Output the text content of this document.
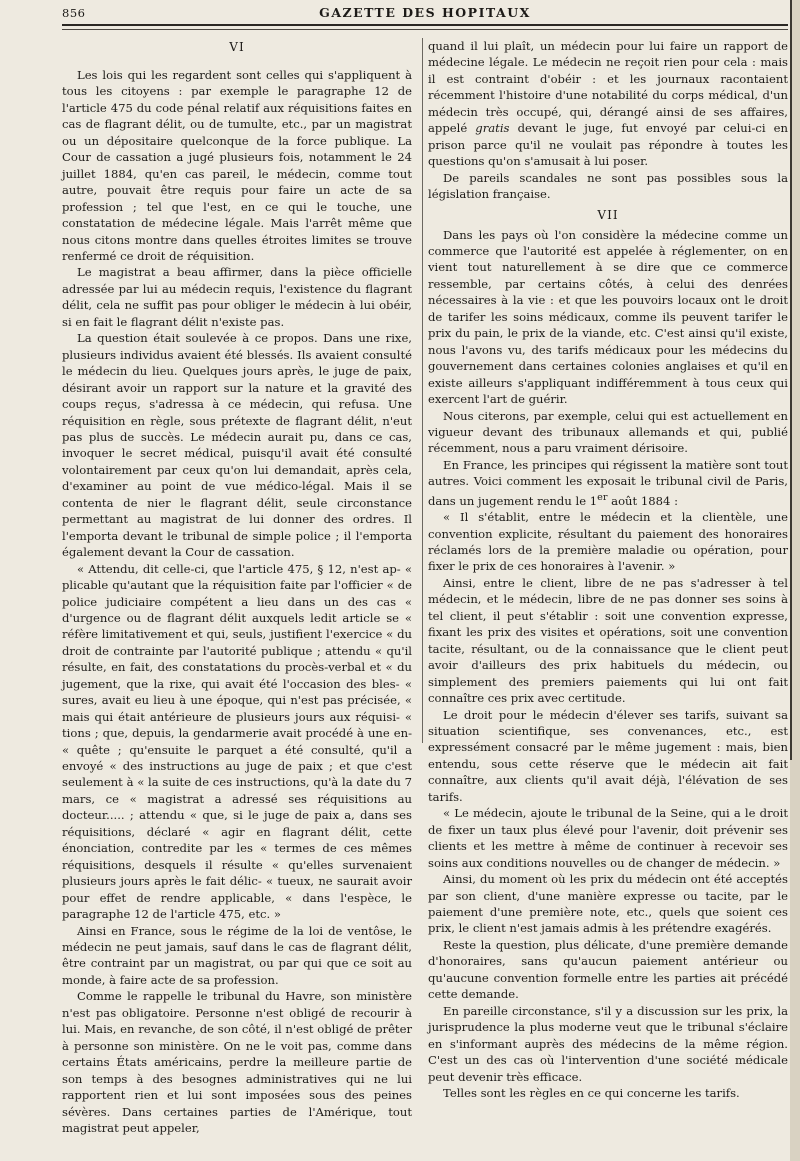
856	GAZETTE DES HOPITAUX

VI

Les lois qui les regardent sont celles qui s'appliquent à tous les citoyens : par exemple le paragraphe 12 de l'article 475 du code pénal relatif aux réquisitions faites en cas de flagrant délit, ou de tumulte, etc., par un magistrat ou un dépositaire quelconque de la force publique. La Cour de cassation a jugé plusieurs fois, notamment le 24 juillet 1884, qu'en cas pareil, le médecin, comme tout autre, pouvait être requis pour faire un acte de sa profession ; tel que l'est, en ce qui le touche, une constatation de médecine légale. Mais l'arrêt même que nous citons montre dans quelles étroites limites se trouve renfermé ce droit de réquisition.

Le magistrat a beau affirmer, dans la pièce officielle adressée par lui au médecin requis, l'existence du flagrant délit, cela ne suffit pas pour obliger le médecin à lui obéir, si en fait le flagrant délit n'existe pas.

La question était soulevée à ce propos. Dans une rixe, plusieurs individus avaient été blessés. Ils avaient consulté le médecin du lieu. Quelques jours après, le juge de paix, désirant avoir un rapport sur la nature et la gravité des coups reçus, s'adressa à ce médecin, qui refusa. Une réquisition en règle, sous prétexte de flagrant délit, n'eut pas plus de succès. Le médecin aurait pu, dans ce cas, invoquer le secret médical, puisqu'il avait été consulté volontairement par ceux qu'on lui demandait, après cela, d'examiner au point de vue médico-légal. Mais il se contenta de nier le flagrant délit, seule circonstance permettant au magistrat de lui donner des ordres. Il l'emporta devant le tribunal de simple police ; il l'emporta également devant la Cour de cassation.

« Attendu, dit celle-ci, que l'article 475, § 12, n'est ap- « plicable qu'autant que la réquisition faite par l'officier « de police judiciaire compétent a lieu dans un des cas « d'urgence ou de flagrant délit auxquels ledit article se « réfère limitativement et qui, seuls, justifient l'exercice « du droit de contrainte par l'autorité publique ; attendu « qu'il résulte, en fait, des constatations du procès-verbal et « du jugement, que la rixe, qui avait été l'occasion des bles- « sures, avait eu lieu à une époque, qui n'est pas précisée, « mais qui était antérieure de plusieurs jours aux réquisi- « tions ; que, depuis, la gendarmerie avait procédé à une en- « quête ; qu'ensuite le parquet a été consulté, qu'il a envoyé « des instructions au juge de paix ; et que c'est seulement à « la suite de ces instructions, qu'à la date du 7 mars, ce « magistrat a adressé ses réquisitions au docteur..... ; attendu « que, si le juge de paix a, dans ses réquisitions, déclaré « agir en flagrant délit, cette énonciation, contredite par les « termes de ces mêmes réquisitions, desquels il résulte « qu'elles survenaient plusieurs jours après le fait délic- « tueux, ne saurait avoir pour effet de rendre applicable, « dans l'espèce, le paragraphe 12 de l'article 475, etc. »

Ainsi en France, sous le régime de la loi de ventôse, le médecin ne peut jamais, sauf dans le cas de flagrant délit, être contraint par un magistrat, ou par qui que ce soit au monde, à faire acte de sa profession.

Comme le rappelle le tribunal du Havre, son ministère n'est pas obligatoire. Personne n'est obligé de recourir à lui. Mais, en revanche, de son côté, il n'est obligé de prêter à personne son ministère. On ne le voit pas, comme dans certains États américains, perdre la meilleure partie de son temps à des besognes administratives qui ne lui rapportent rien et lui sont imposées sous des peines sévères. Dans certaines parties de l'Amérique, tout magistrat peut appeler,

quand il lui plaît, un médecin pour lui faire un rapport de médecine légale. Le médecin ne reçoit rien pour cela : mais il est contraint d'obéir : et les journaux racontaient récemment l'histoire d'une notabilité du corps médical, d'un médecin très occupé, qui, dérangé ainsi de ses affaires, appelé gratis devant le juge, fut envoyé par celui-ci en prison parce qu'il ne voulait pas répondre à toutes les questions qu'on s'amusait à lui poser.

De pareils scandales ne sont pas possibles sous la législation française.

VII

Dans les pays où l'on considère la médecine comme un commerce que l'autorité est appelée à réglementer, on en vient tout naturellement à se dire que ce commerce ressemble, par certains côtés, à celui des denrées nécessaires à la vie : et que les pouvoirs locaux ont le droit de tarifer les soins médicaux, comme ils peuvent tarifer le prix du pain, le prix de la viande, etc. C'est ainsi qu'il existe, nous l'avons vu, des tarifs médicaux pour les médecins du gouvernement dans certaines colonies anglaises et qu'il en existe ailleurs s'appliquant indifféremment à tous ceux qui exercent l'art de guérir.

Nous citerons, par exemple, celui qui est actuellement en vigueur devant des tribunaux allemands et qui, publié récemment, nous a paru vraiment dérisoire.

En France, les principes qui régissent la matière sont tout autres. Voici comment les exposait le tribunal civil de Paris, dans un jugement rendu le 1er août 1884 :

« Il s'établit, entre le médecin et la clientèle, une convention explicite, résultant du paiement des honoraires réclamés lors de la première maladie ou opération, pour fixer le prix de ces honoraires à l'avenir. »

Ainsi, entre le client, libre de ne pas s'adresser à tel médecin, et le médecin, libre de ne pas donner ses soins à tel client, il peut s'établir : soit une convention expresse, fixant les prix des visites et opérations, soit une convention tacite, résultant, ou de la connaissance que le client peut avoir d'ailleurs des prix habituels du médecin, ou simplement des premiers paiements qui lui ont fait connaître ces prix avec certitude.

Le droit pour le médecin d'élever ses tarifs, suivant sa situation scientifique, ses convenances, etc., est expressément consacré par le même jugement : mais, bien entendu, sous cette réserve que le médecin ait fait connaître, aux clients qu'il avait déjà, l'élévation de ses tarifs.

« Le médecin, ajoute le tribunal de la Seine, qui a le droit de fixer un taux plus élevé pour l'avenir, doit prévenir ses clients et les mettre à même de continuer à recevoir ses soins aux conditions nouvelles ou de changer de médecin. »

Ainsi, du moment où les prix du médecin ont été acceptés par son client, d'une manière expresse ou tacite, par le paiement d'une première note, etc., quels que soient ces prix, le client n'est jamais admis à les prétendre exagérés.

Reste la question, plus délicate, d'une première demande d'honoraires, sans qu'aucun paiement antérieur ou qu'aucune convention formelle entre les parties ait précédé cette demande.

En pareille circonstance, s'il y a discussion sur les prix, la jurisprudence la plus moderne veut que le tribunal s'éclaire en s'informant auprès des médecins de la même région. C'est un des cas où l'intervention d'une société médicale peut devenir très efficace.

Telles sont les règles en ce qui concerne les tarifs.
